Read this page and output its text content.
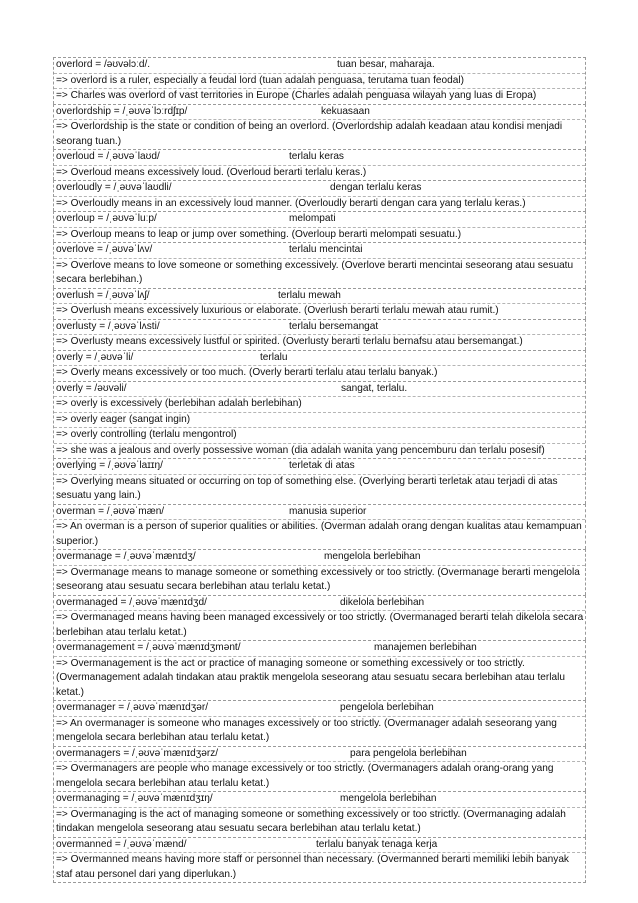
overlord = /əʊvəlɔːd/.	tuan besar, maharaja.
=> overlord is a ruler, especially a feudal lord (tuan adalah penguasa, terutama tuan feodal)
=> Charles was overlord of vast territories in Europe (Charles adalah penguasa wilayah yang luas di Eropa)
overlordship = /ˌəʊvəˈlɔːrdʃɪp/	kekuasaan
=> Overlordship is the state or condition of being an overlord. (Overlordship adalah keadaan atau kondisi menjadi seorang tuan.)
overloud = /ˌəʊvəˈlaʊd/	terlalu keras
=> Overloud means excessively loud. (Overloud berarti terlalu keras.)
overloudly = /ˌəʊvəˈlaʊdli/	dengan terlalu keras
=> Overloudly means in an excessively loud manner. (Overloudly berarti dengan cara yang terlalu keras.)
overloup = /ˌəʊvəˈluːp/	melompati
=> Overloup means to leap or jump over something. (Overloup berarti melompati sesuatu.)
overlove = /ˌəʊvəˈlʌv/	terlalu mencintai
=> Overlove means to love someone or something excessively. (Overlove berarti mencintai seseorang atau sesuatu secara berlebihan.)
overlush = /ˌəʊvəˈlʌʃ/	terlalu mewah
=> Overlush means excessively luxurious or elaborate. (Overlush berarti terlalu mewah atau rumit.)
overlusty = /ˌəʊvəˈlʌsti/	terlalu bersemangat
=> Overlusty means excessively lustful or spirited. (Overlusty berarti terlalu bernafsu atau bersemangat.)
overly = /ˌəʊvəˈli/	terlalu
=> Overly means excessively or too much. (Overly berarti terlalu atau terlalu banyak.)
overly = /əʊvəli/	sangat, terlalu.
=> overly is excessively (berlebihan adalah berlebihan)
=> overly eager (sangat ingin)
=> overly controlling (terlalu mengontrol)
=> she was a jealous and overly possessive woman (dia adalah wanita yang pencemburu dan terlalu posesif)
overlying = /ˌəʊvəˈlaɪɪŋ/	terletak di atas
=> Overlying means situated or occurring on top of something else. (Overlying berarti terletak atau terjadi di atas sesuatu yang lain.)
overman = /ˌəʊvəˈmæn/	manusia superior
=> An overman is a person of superior qualities or abilities. (Overman adalah orang dengan kualitas atau kemampuan superior.)
overmanage = /ˌəʊvəˈmænɪdʒ/	mengelola berlebihan
=> Overmanage means to manage someone or something excessively or too strictly. (Overmanage berarti mengelola seseorang atau sesuatu secara berlebihan atau terlalu ketat.)
overmanaged = /ˌəʊvəˈmænɪdʒd/	dikelola berlebihan
=> Overmanaged means having been managed excessively or too strictly. (Overmanaged berarti telah dikelola secara berlebihan atau terlalu ketat.)
overmanagement = /ˌəʊvəˈmænɪdʒmənt/	manajemen berlebihan
=> Overmanagement is the act or practice of managing someone or something excessively or too strictly. (Overmanagement adalah tindakan atau praktik mengelola seseorang atau sesuatu secara berlebihan atau terlalu ketat.)
overmanager = /ˌəʊvəˈmænɪdʒər/	pengelola berlebihan
=> An overmanager is someone who manages excessively or too strictly. (Overmanager adalah seseorang yang mengelola secara berlebihan atau terlalu ketat.)
overmanagers = /ˌəʊvəˈmænɪdʒərz/	para pengelola berlebihan
=> Overmanagers are people who manage excessively or too strictly. (Overmanagers adalah orang-orang yang mengelola secara berlebihan atau terlalu ketat.)
overmanaging = /ˌəʊvəˈmænɪdʒɪŋ/	mengelola berlebihan
=> Overmanaging is the act of managing someone or something excessively or too strictly. (Overmanaging adalah tindakan mengelola seseorang atau sesuatu secara berlebihan atau terlalu ketat.)
overmanned = /ˌəʊvəˈmænd/	terlalu banyak tenaga kerja
=> Overmanned means having more staff or personnel than necessary. (Overmanned berarti memiliki lebih banyak staf atau personel dari yang diperlukan.)
